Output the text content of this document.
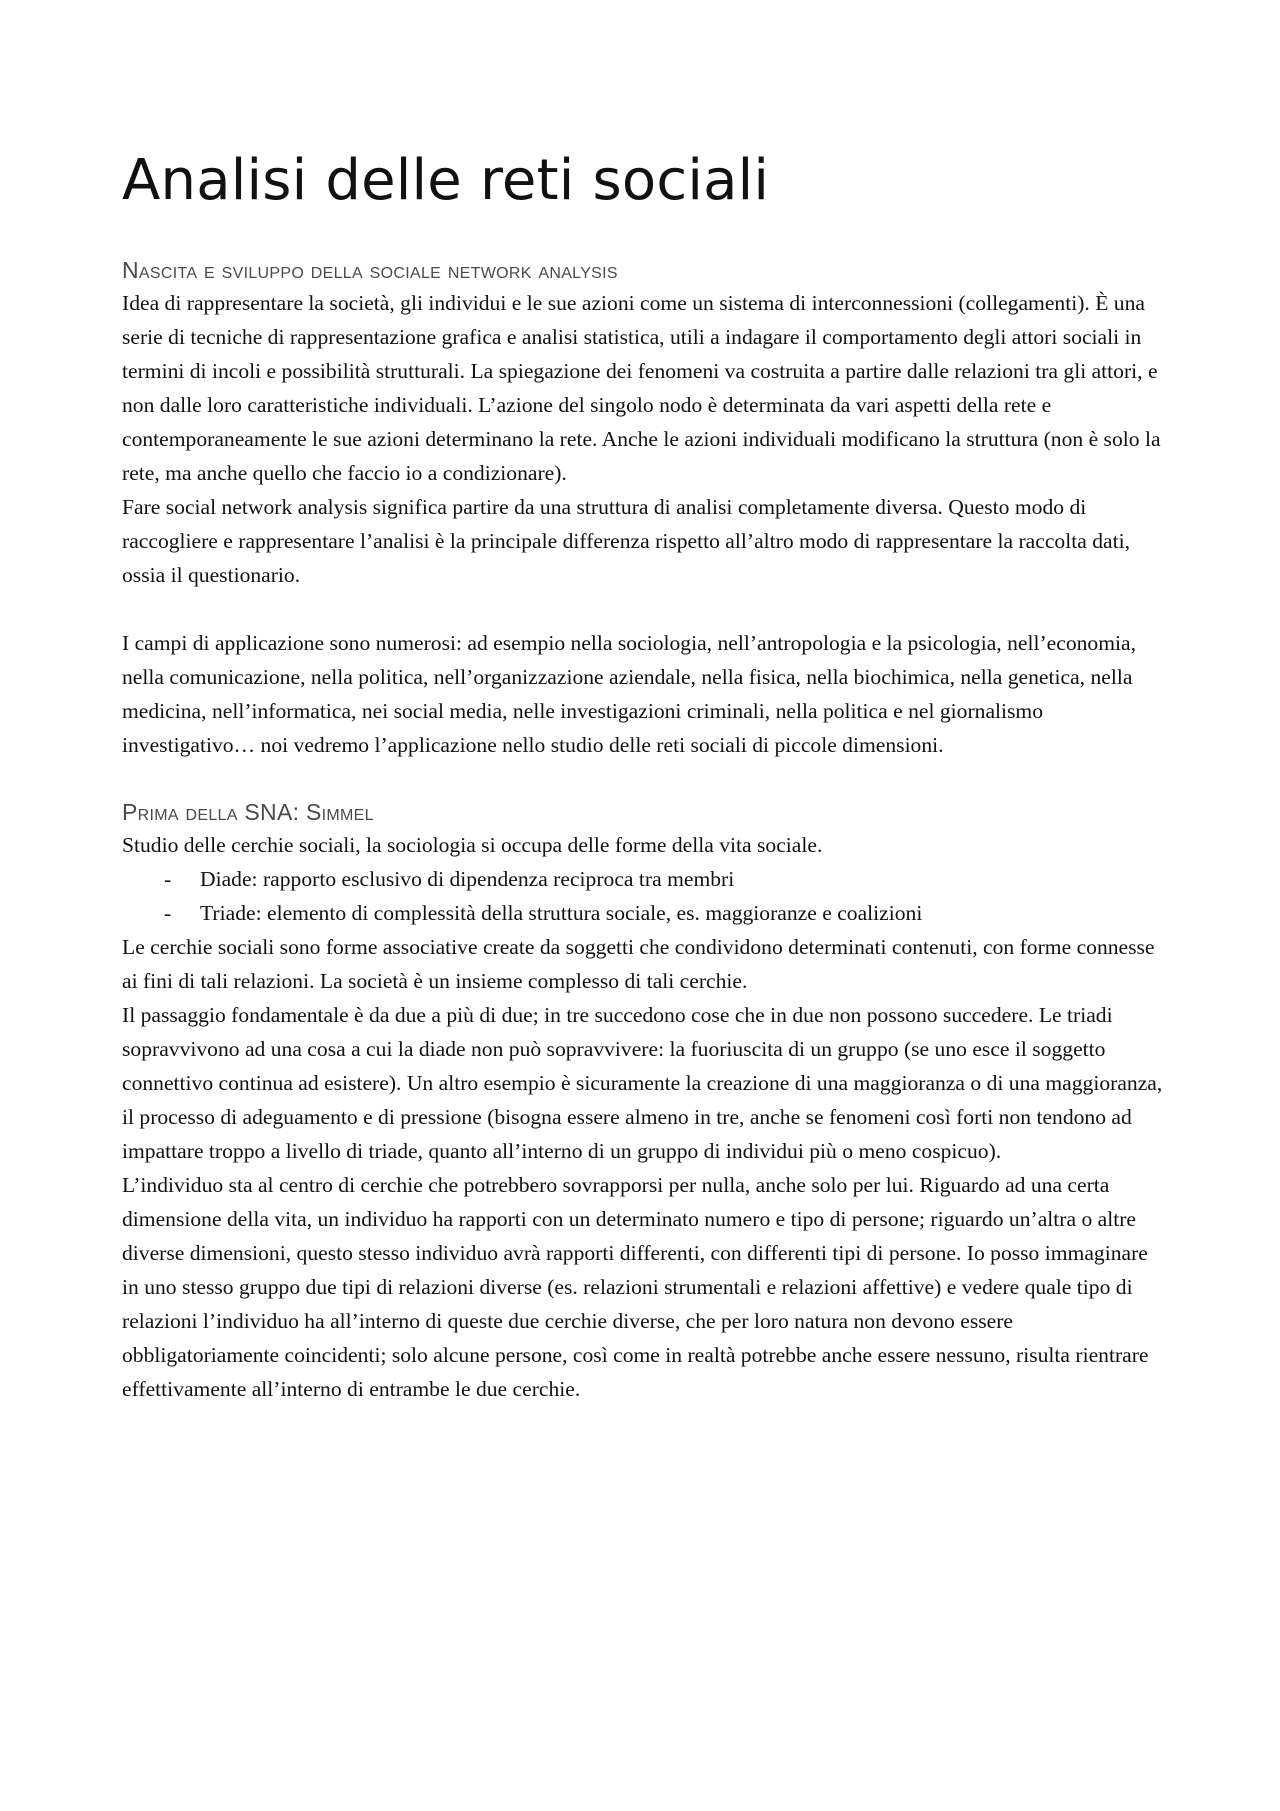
Analisi delle reti sociali
Nascita e sviluppo della sociale network analysis

Idea di rappresentare la società, gli individui e le sue azioni come un sistema di interconnessioni (collegamenti). È una serie di tecniche di rappresentazione grafica e analisi statistica, utili a indagare il comportamento degli attori sociali in termini di incoli e possibilità strutturali. La spiegazione dei fenomeni va costruita a partire dalle relazioni tra gli attori, e non dalle loro caratteristiche individuali. L’azione del singolo nodo è determinata da vari aspetti della rete e contemporaneamente le sue azioni determinano la rete. Anche le azioni individuali modificano la struttura (non è solo la rete, ma anche quello che faccio io a condizionare).

Fare social network analysis significa partire da una struttura di analisi completamente diversa. Questo modo di raccogliere e rappresentare l’analisi è la principale differenza rispetto all’altro modo di rappresentare la raccolta dati, ossia il questionario.

I campi di applicazione sono numerosi: ad esempio nella sociologia, nell’antropologia e la psicologia, nell’economia, nella comunicazione, nella politica, nell’organizzazione aziendale, nella fisica, nella biochimica, nella genetica, nella medicina, nell’informatica, nei social media, nelle investigazioni criminali, nella politica e nel giornalismo investigativo… noi vedremo l’applicazione nello studio delle reti sociali di piccole dimensioni.

Prima della SNA: Simmel

Studio delle cerchie sociali, la sociologia si occupa delle forme della vita sociale.

-	Diade: rapporto esclusivo di dipendenza reciproca tra membri
-	Triade: elemento di complessità della struttura sociale, es. maggioranze e coalizioni

Le cerchie sociali sono forme associative create da soggetti che condividono determinati contenuti, con forme connesse ai fini di tali relazioni. La società è un insieme complesso di tali cerchie.

Il passaggio fondamentale è da due a più di due; in tre succedono cose che in due non possono succedere. Le triadi sopravvivono ad una cosa a cui la diade non può sopravvivere: la fuoriuscita di un gruppo (se uno esce il soggetto connettivo continua ad esistere). Un altro esempio è sicuramente la creazione di una maggioranza o di una maggioranza, il processo di adeguamento e di pressione (bisogna essere almeno in tre, anche se fenomeni così forti non tendono ad impattare troppo a livello di triade, quanto all’interno di un gruppo di individui più o meno cospicuo).

L’individuo sta al centro di cerchie che potrebbero sovrapporsi per nulla, anche solo per lui. Riguardo ad una certa dimensione della vita, un individuo ha rapporti con un determinato numero e tipo di persone; riguardo un’altra o altre diverse dimensioni, questo stesso individuo avrà rapporti differenti, con differenti tipi di persone. Io posso immaginare in uno stesso gruppo due tipi di relazioni diverse (es. relazioni strumentali e relazioni affettive) e vedere quale tipo di relazioni l’individuo ha all’interno di queste due cerchie diverse, che per loro natura non devono essere obbligatoriamente coincidenti; solo alcune persone, così come in realtà potrebbe anche essere nessuno, risulta rientrare effettivamente all’interno di entrambe le due cerchie.
